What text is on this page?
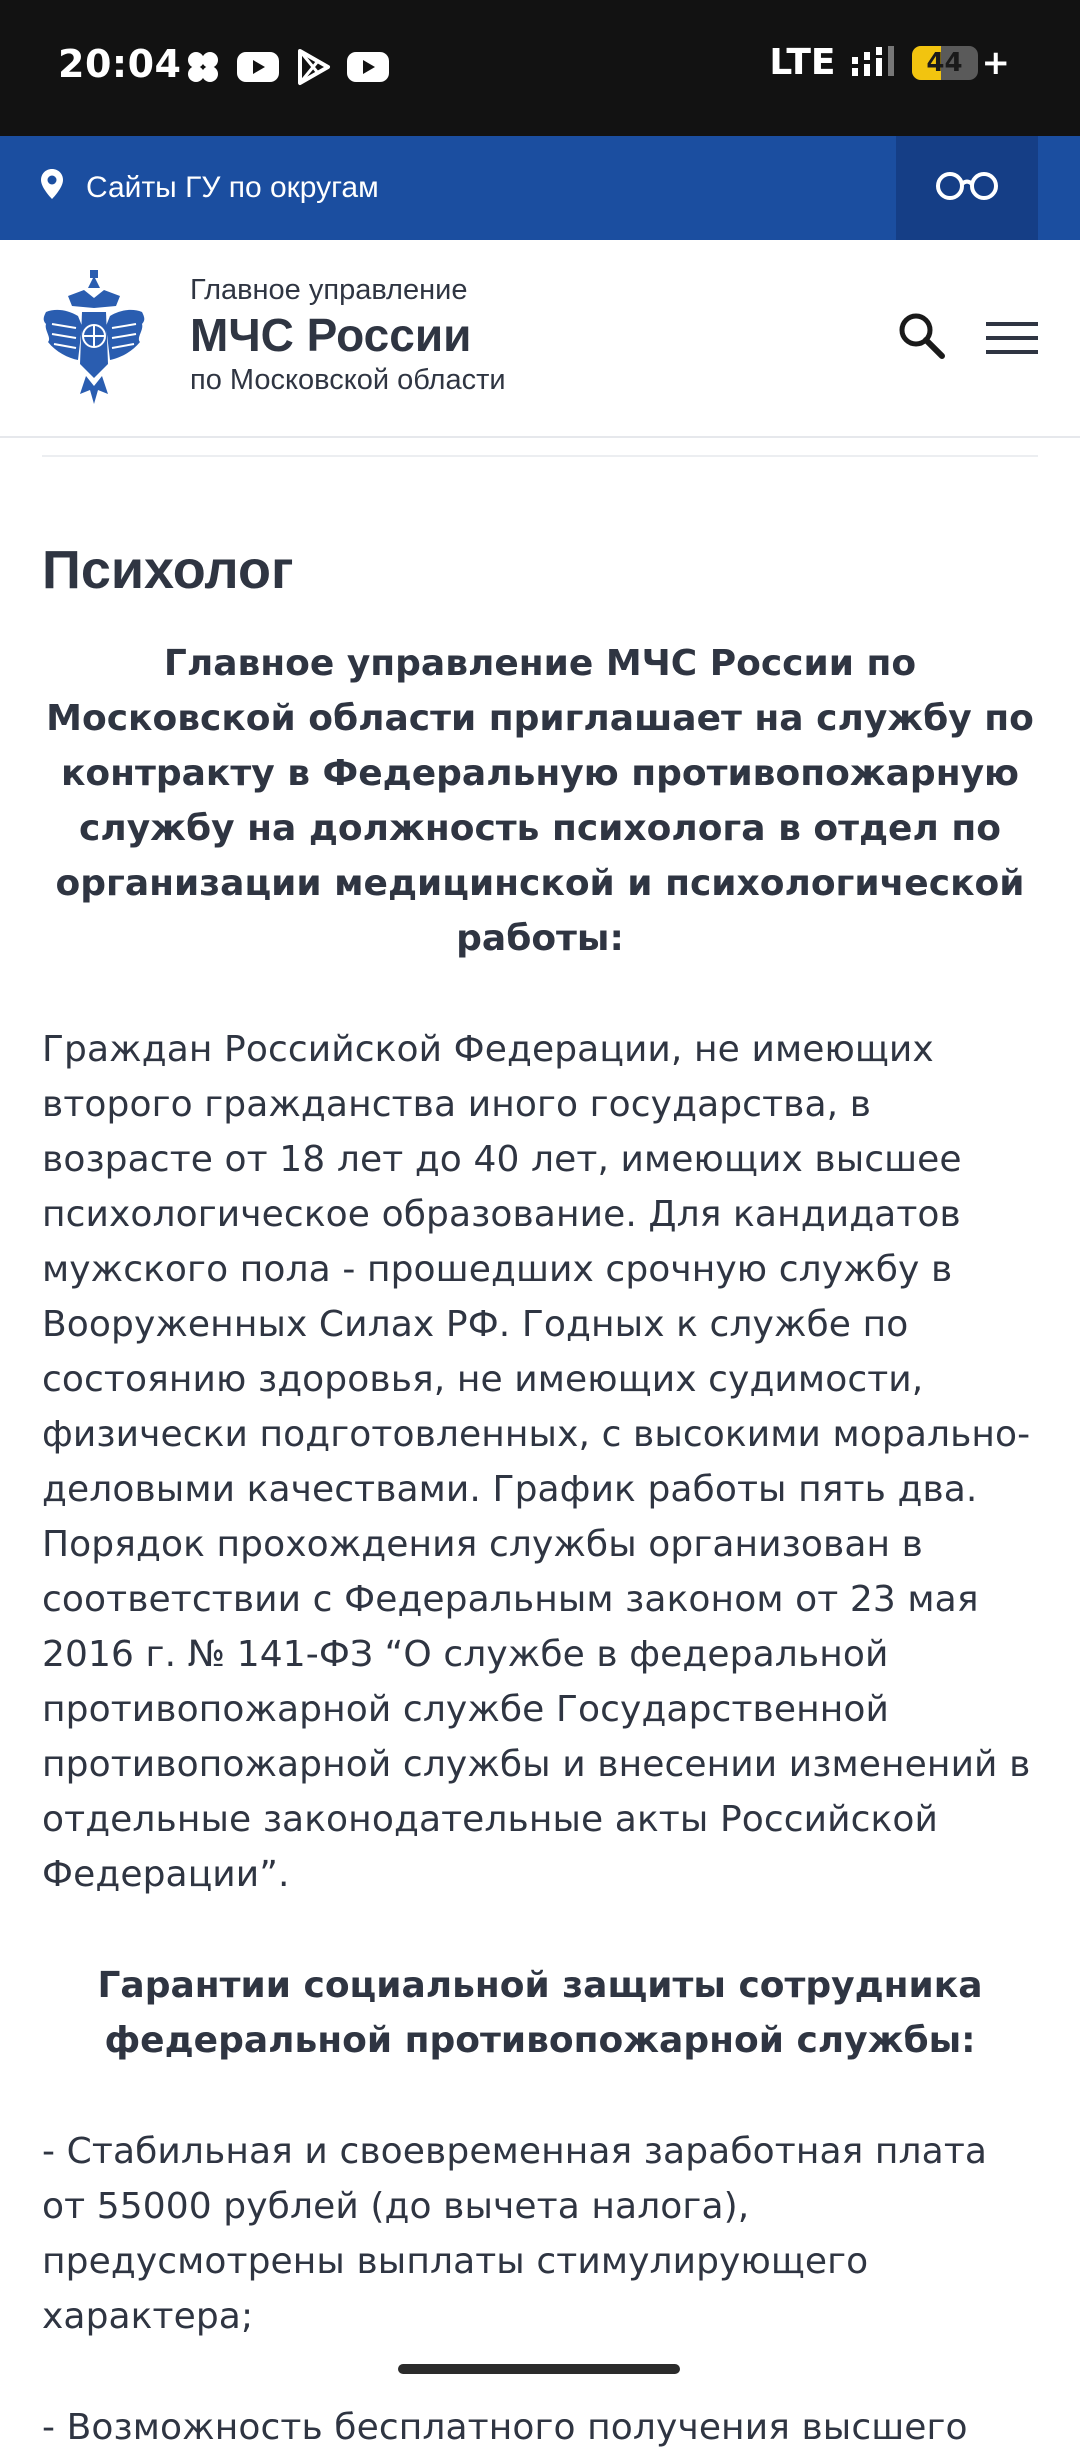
20:04	LTE	44 +
Сайты ГУ по округам
Главное управление
МЧС России
по Московской области
Психолог

Главное управление МЧС России по Московской области приглашает на службу по контракту в Федеральную противопожарную службу на должность психолога в отдел по организации медицинской и психологической работы:

Граждан Российской Федерации, не имеющих второго гражданства иного государства, в возрасте от 18 лет до 40 лет, имеющих высшее психологическое образование. Для кандидатов мужского пола - прошедших срочную службу в Вооруженных Силах РФ. Годных к службе по состоянию здоровья, не имеющих судимости, физически подготовленных, с высокими морально-деловыми качествами. График работы пять два. Порядок прохождения службы организован в соответствии с Федеральным законом от 23 мая 2016 г. № 141-ФЗ “О службе в федеральной противопожарной службе Государственной противопожарной службы и внесении изменений в отдельные законодательные акты Российской Федерации”.

Гарантии социальной защиты сотрудника федеральной противопожарной службы:

- Стабильная и своевременная заработная плата от 55000 рублей (до вычета налога), предусмотрены выплаты стимулирующего характера;

- Возможность бесплатного получения высшего
